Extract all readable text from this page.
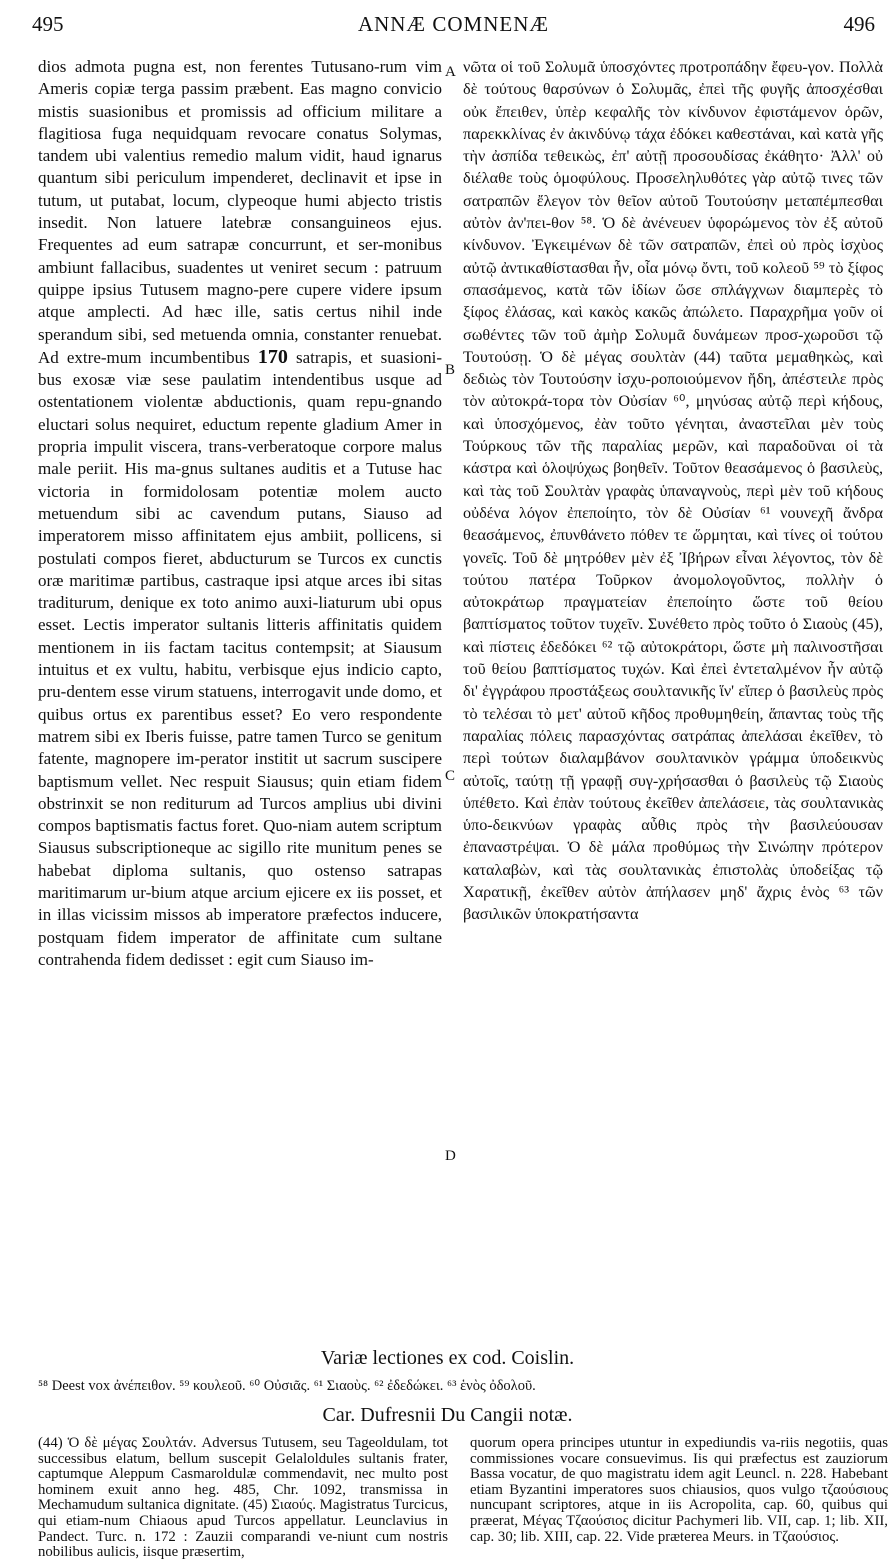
495	ANNÆ COMNENÆ	496

dios admota pugna est, non ferentes Tutusano-rum vim Ameris copiæ terga passim præbent. Eas magno convicio mistis suasionibus et promissis ad officium militare a flagitiosa fuga nequidquam revocare conatus Solymas, tandem ubi valentius remedio malum vidit, haud ignarus quantum sibi periculum impenderet, declinavit et ipse in tutum, ut putabat, locum, clypeoque humi abjecto tristis insedit. Non latuere latebræ consanguineos ejus. Frequentes ad eum satrapæ concurrunt, et ser-monibus ambiunt fallacibus, suadentes ut veniret secum : patruum quippe ipsius Tutusem magno-pere cupere videre ipsum atque amplecti. Ad hæc ille, satis certus nihil inde sperandum sibi, sed metuenda omnia, constanter renuebat. Ad extre-mum incumbentibus 170 satrapis, et suasioni-bus exosæ viæ sese paulatim intendentibus usque ad ostentationem violentæ abductionis, quam repu-gnando eluctari solus nequiret, eductum repente gladium Amer in propria impulit viscera, trans-verberatoque corpore malus male periit. His ma-gnus sultanes auditis et a Tutuse hac victoria in formidolosam potentiæ molem aucto metuendum sibi ac cavendum putans, Siauso ad imperatorem misso affinitatem ejus ambiit, pollicens, si postulati compos fieret, abducturum se Turcos ex cunctis oræ maritimæ partibus, castraque ipsi atque arces ibi sitas traditurum, denique ex toto animo auxi-liaturum ubi opus esset. Lectis imperator sultanis litteris affinitatis quidem mentionem in iis factam tacitus contempsit; at Siausum intuitus et ex vultu, habitu, verbisque ejus indicio capto, pru-dentem esse virum statuens, interrogavit unde domo, et quibus ortus ex parentibus esset? Eo vero respondente matrem sibi ex Iberis fuisse, patre tamen Turco se genitum fatente, magnopere im-perator institit ut sacrum suscipere baptismum vellet. Nec respuit Siausus; quin etiam fidem obstrinxit se non rediturum ad Turcos amplius ubi divini compos baptismatis factus foret. Quo-niam autem scriptum Siausus subscriptioneque ac sigillo rite munitum penes se habebat diploma sultanis, quo ostenso satrapas maritimarum ur-bium atque arcium ejicere ex iis posset, et in illas vicissim missos ab imperatore præfectos inducere, postquam fidem imperator de affinitate cum sultane contrahenda fidem dedisset : egit cum Siauso im-

A
B
C
D

νῶτα οἱ τοῦ Σολυμᾶ ὑποσχόντες προτροπάδην ἔφευ-γον. Πολλὰ δὲ τούτους θαρσύνων ὁ Σολυμᾶς, ἐπεὶ τῆς φυγῆς ἀποσχέσθαι οὐκ ἔπειθεν, ὑπὲρ κεφαλῆς τὸν κίνδυνον ἐφιστάμενον ὁρῶν, παρεκκλίνας ἐν ἀκινδύνῳ τάχα ἐδόκει καθεστάναι, καὶ κατὰ γῆς τὴν ἀσπίδα τεθεικὼς, ἐπ' αὐτῇ προσουδίσας ἐκάθητο· Ἀλλ' οὐ διέλαθε τοὺς ὁμοφύλους. Προσεληλυθότες γὰρ αὐτῷ τινες τῶν σατραπῶν ἔλεγον τὸν θεῖον αὐτοῦ Τουτούσην μεταπέμπεσθαι αὐτὸν ἀν'πει-θον ⁵⁸. Ὁ δὲ ἀνένευεν ὑφορώμενος τὸν ἐξ αὐτοῦ κίνδυνον. Ἐγκειμένων δὲ τῶν σατραπῶν, ἐπεὶ οὐ πρὸς ἰσχὺος αὐτῷ ἀντικαθίστασθαι ἦν, οἷα μόνῳ ὄντι, τοῦ κολεοῦ ⁵⁹ τὸ ξίφος σπασάμενος, κατὰ τῶν ἰδίων ὥσε σπλάγχνων διαμπερὲς τὸ ξίφος ἐλάσας, καὶ κακὸς κακῶς ἀπώλετο. Παραχρῆμα γοῦν οἱ σωθέντες τῶν τοῦ ἀμὴρ Σολυμᾶ δυνάμεων προσ-χωροῦσι τῷ Τουτούσῃ. Ὁ δὲ μέγας σουλτὰν (44) ταῦτα μεμαθηκὼς, καὶ δεδιὼς τὸν Τουτούσην ἰσχυ-ροποιούμενον ἤδη, ἀπέστειλε πρὸς τὸν αὐτοκρά-τορα τὸν Οὐσίαν ⁶⁰, μηνύσας αὐτῷ περὶ κήδους, καὶ ὑποσχόμενος, ἐὰν τοῦτο γένηται, ἀναστεῖλαι μὲν τοὺς Τούρκους τῶν τῆς παραλίας μερῶν, καὶ παραδοῦναι οἱ τὰ κάστρα καὶ ὁλοψύχως βοηθεῖν. Τοῦτον θεασάμενος ὁ βασιλεὺς, καὶ τὰς τοῦ Σουλτὰν γραφὰς ὑπαναγνοὺς, περὶ μὲν τοῦ κήδους οὐδένα λόγον ἐπεποίητο, τὸν δὲ Οὐσίαν ⁶¹ νουνεχῆ ἄνδρα θεασάμενος, ἐπυνθάνετο πόθεν τε ὥρμηται, καὶ τίνες οἱ τούτου γονεῖς. Τοῦ δὲ μητρόθεν μὲν ἐξ Ἰβήρων εἶναι λέγοντος, τὸν δὲ τούτου πατέρα Τοῦρκον ἀνομολογοῦντος, πολλὴν ὁ αὐτοκράτωρ πραγματείαν ἐπεποίητο ὥστε τοῦ θείου βαπτίσματος τοῦτον τυχεῖν. Συνέθετο πρὸς τοῦτο ὁ Σιαοὺς (45), καὶ πίστεις ἐδεδόκει ⁶² τῷ αὐτοκράτορι, ὥστε μὴ παλινοστῆσαι τοῦ θείου βαπτίσματος τυχών. Καὶ ἐπεὶ ἐντεταλμένον ἦν αὐτῷ δι' ἐγγράφου προστάξεως σουλτανικῆς ἵν' εἴπερ ὁ βασιλεὺς πρὸς τὸ τελέσαι τὸ μετ' αὐτοῦ κῆδος προθυμηθείη, ἅπαντας τοὺς τῆς παραλίας πόλεις παρασχόντας σατράπας ἀπελάσαι ἐκεῖθεν, τὸ περὶ τούτων διαλαμβάνον σουλτανικὸν γράμμα ὑποδεικνὺς αὐτοῖς, ταύτῃ τῇ γραφῇ συγ-χρήσασθαι ὁ βασιλεὺς τῷ Σιαοὺς ὑπέθετο. Καὶ ἐπὰν τούτους ἐκεῖθεν ἀπελάσειε, τὰς σουλτανικὰς ὑπο-δεικνύων γραφὰς αὖθις πρὸς τὴν βασιλεύουσαν ἐπαναστρέψαι. Ὁ δὲ μάλα προθύμως τὴν Σινώπην πρότερον καταλαβὼν, καὶ τὰς σουλτανικὰς ἐπιστολὰς ὑποδείξας τῷ Χαρατικῇ, ἐκεῖθεν αὐτὸν ἀπήλασεν μηδ' ἄχρις ἑνὸς ⁶³ τῶν βασιλικῶν ὑποκρατήσαντα

Variæ lectiones ex cod. Coislin.
⁵⁸ Deest vox ἀνέπειθον. ⁵⁹ κουλεοῦ. ⁶⁰ Οὐσιᾶς. ⁶¹ Σιαοὺς. ⁶² ἐδεδώκει. ⁶³ ἑνὸς ὀδολοῦ.
Car. Dufresnii Du Cangii notæ.

(44) Ὁ δὲ μέγας Σουλτάν. Adversus Tutusem, seu Tageoldulam, tot successibus elatum, bellum suscepit Gelaloldules sultanis frater, captumque Aleppum Casmaroldulæ commendavit, nec multo post hominem exuit anno heg. 485, Chr. 1092, transmissa in Mechamudum sultanica dignitate. (45) Σιαούς. Magistratus Turcicus, qui etiam-num Chiaous apud Turcos appellatur. Leunclavius in Pandect. Turc. n. 172 : Zauzii comparandi ve-niunt cum nostris nobilibus aulicis, iisque præsertim,

quorum opera principes utuntur in expediundis va-riis negotiis, quas commissiones vocare consuevimus. Iis qui præfectus est zauziorum Bassa vocatur, de quo magistratu idem agit Leuncl. n. 228. Habebant etiam Byzantini imperatores suos chiausios, quos vulgo τζαούσιους nuncupant scriptores, atque in iis Acropolita, cap. 60, quibus qui præerat, Μέγας Τζαούσιος dicitur Pachymeri lib. VII, cap. 1; lib. XII, cap. 30; lib. XIII, cap. 22. Vide præterea Meurs. in Τζαούσιος.
